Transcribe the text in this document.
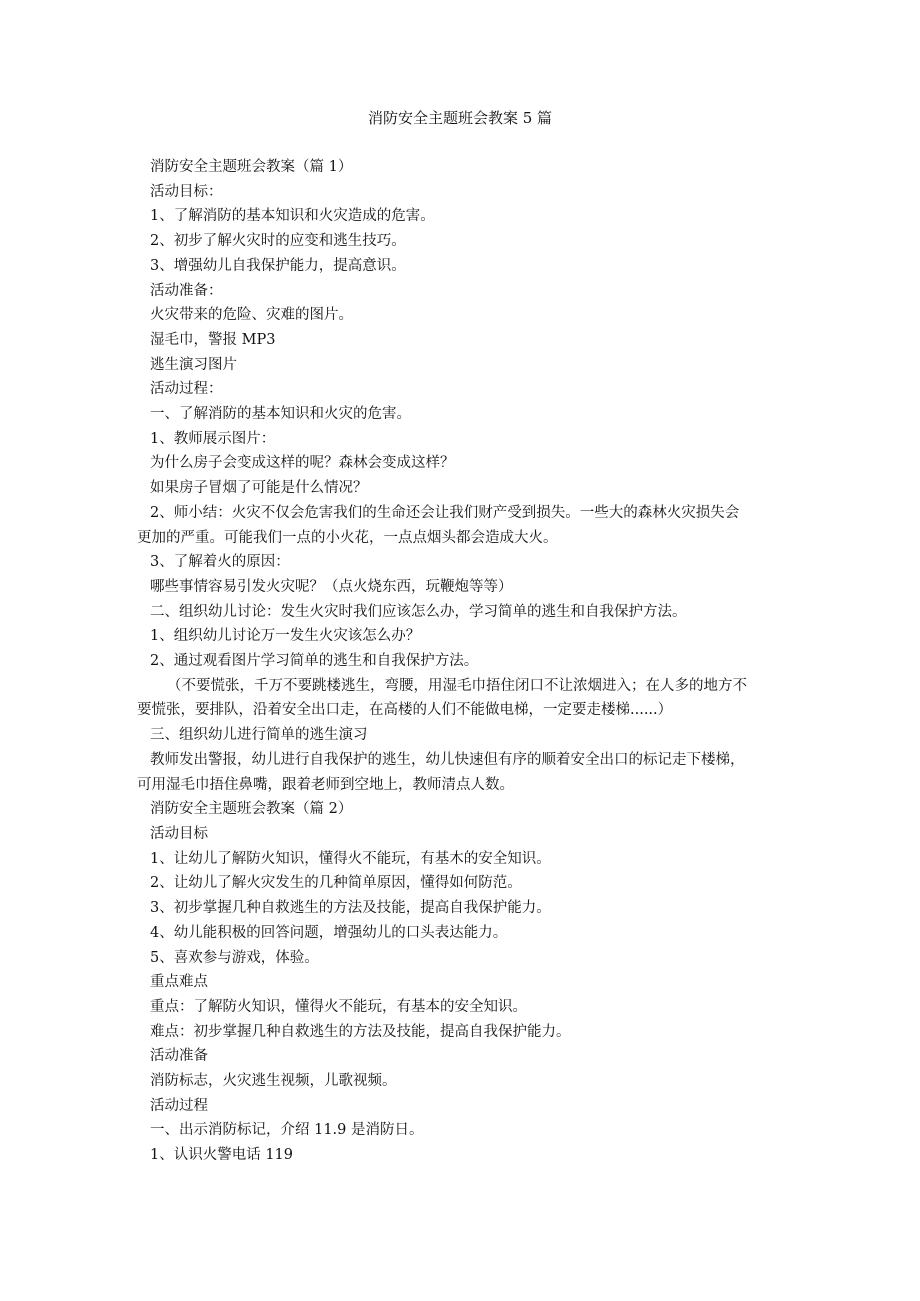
消防安全主题班会教案 5 篇
消防安全主题班会教案（篇 1）
活动目标：
1、了解消防的基本知识和火灾造成的危害。
2、初步了解火灾时的应变和逃生技巧。
3、增强幼儿自我保护能力，提高意识。
活动准备：
火灾带来的危险、灾难的图片。
湿毛巾，警报 MP3
逃生演习图片
活动过程：
一、了解消防的基本知识和火灾的危害。
1、教师展示图片：
为什么房子会变成这样的呢？森林会变成这样？
如果房子冒烟了可能是什么情况？
2、师小结：火灾不仅会危害我们的生命还会让我们财产受到损失。一些大的森林火灾损失会
更加的严重。可能我们一点的小火花，一点点烟头都会造成大火。
3、了解着火的原因：
哪些事情容易引发火灾呢？（点火烧东西，玩鞭炮等等）
二、组织幼儿讨论：发生火灾时我们应该怎么办，学习简单的逃生和自我保护方法。
1、组织幼儿讨论万一发生火灾该怎么办？
2、通过观看图片学习简单的逃生和自我保护方法。
（不要慌张，千万不要跳楼逃生，弯腰，用湿毛巾捂住闭口不让浓烟进入；在人多的地方不
要慌张，要排队，沿着安全出口走，在高楼的人们不能做电梯，一定要走楼梯......）
三、组织幼儿进行简单的逃生演习
教师发出警报，幼儿进行自我保护的逃生，幼儿快速但有序的顺着安全出口的标记走下楼梯，
可用湿毛巾捂住鼻嘴，跟着老师到空地上，教师清点人数。
消防安全主题班会教案（篇 2）
活动目标
1、让幼儿了解防火知识，懂得火不能玩，有基木的安全知识。
2、让幼儿了解火灾发生的几种简单原因，懂得如何防范。
3、初步掌握几种自救逃生的方法及技能，提高自我保护能力。
4、幼儿能积极的回答问题，增强幼儿的口头表达能力。
5、喜欢参与游戏，体验。
重点难点
重点：了解防火知识，懂得火不能玩，有基本的安全知识。
难点：初步掌握几种自救逃生的方法及技能，提高自我保护能力。
活动准备
消防标志，火灾逃生视频，儿歌视频。
活动过程
一、出示消防标记，介绍 11.9 是消防日。
1、认识火警电话 119
